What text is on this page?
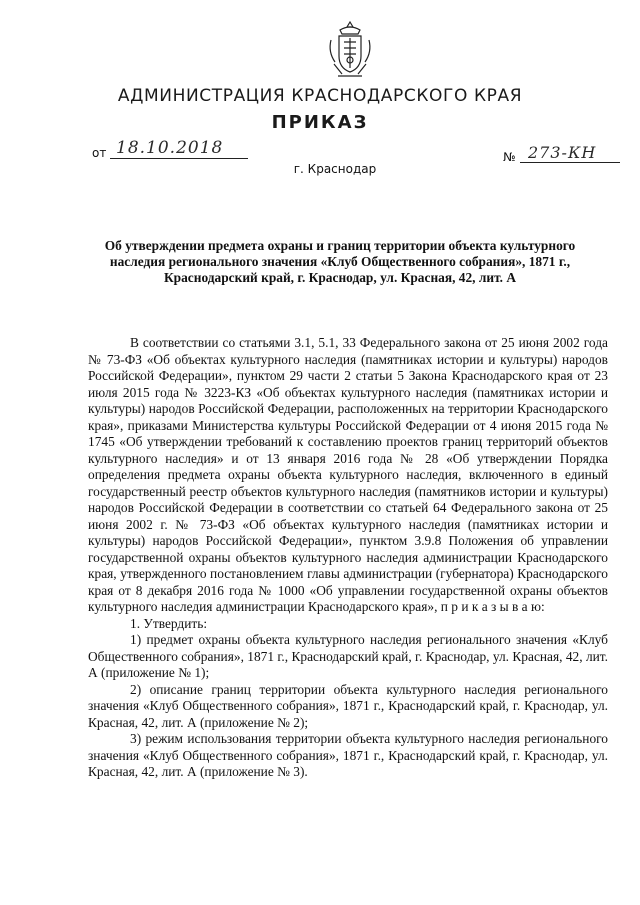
АДМИНИСТРАЦИЯ КРАСНОДАРСКОГО КРАЯ
ПРИКАЗ
от 18.10.2018
г. Краснодар
№ 273-КН
Об утверждении предмета охраны и границ территории объекта культурного наследия регионального значения «Клуб Общественного собрания», 1871 г., Краснодарский край, г. Краснодар, ул. Красная, 42, лит. А

В соответствии со статьями 3.1, 5.1, 33 Федерального закона от 25 июня 2002 года № 73-ФЗ «Об объектах культурного наследия (памятниках истории и культуры) народов Российской Федерации», пунктом 29 части 2 статьи 5 Закона Краснодарского края от 23 июля 2015 года № 3223-КЗ «Об объектах культурного наследия (памятниках истории и культуры) народов Российской Федерации, расположенных на территории Краснодарского края», приказами Министерства культуры Российской Федерации от 4 июня 2015 года № 1745 «Об утверждении требований к составлению проектов границ территорий объектов культурного наследия» и от 13 января 2016 года № 28 «Об утверждении Порядка определения предмета охраны объекта культурного наследия, включенного в единый государственный реестр объектов культурного наследия (памятников истории и культуры) народов Российской Федерации в соответствии со статьей 64 Федерального закона от 25 июня 2002 г. № 73-ФЗ «Об объектах культурного наследия (памятниках истории и культуры) народов Российской Федерации», пунктом 3.9.8 Положения об управлении государственной охраны объектов культурного наследия администрации Краснодарского края, утвержденного постановлением главы администрации (губернатора) Краснодарского края от 8 декабря 2016 года № 1000 «Об управлении государственной охраны объектов культурного наследия администрации Краснодарского края», п р и к а з ы в а ю:

1. Утвердить:

1) предмет охраны объекта культурного наследия регионального значения «Клуб Общественного собрания», 1871 г., Краснодарский край, г. Краснодар, ул. Красная, 42, лит. А (приложение № 1);

2) описание границ территории объекта культурного наследия регионального значения «Клуб Общественного собрания», 1871 г., Краснодарский край, г. Краснодар, ул. Красная, 42, лит. А (приложение № 2);

3) режим использования территории объекта культурного наследия регионального значения «Клуб Общественного собрания», 1871 г., Краснодарский край, г. Краснодар, ул. Красная, 42, лит. А (приложение № 3).
